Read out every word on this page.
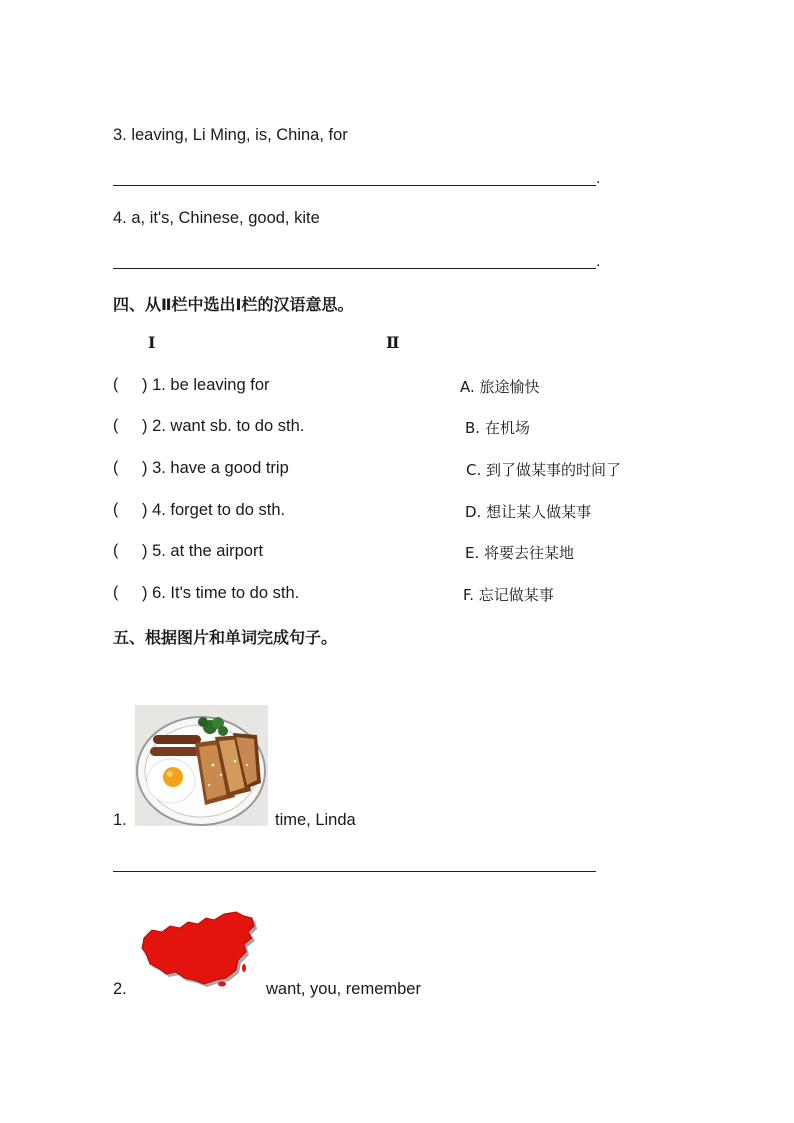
3. leaving, Li Ming, is, China, for
.
4. a, it's, Chinese, good, kite
.
四、从Ⅱ栏中选出Ⅰ栏的汉语意思。
Ⅰ	Ⅱ
( ) 1. be leaving for	A. 旅途愉快
( ) 2. want sb. to do sth.	B. 在机场
( ) 3. have a good trip	C. 到了做某事的时间了
( ) 4. forget to do sth.	D. 想让某人做某事
( ) 5. at the airport	E. 将要去往某地
( ) 6. It's time to do sth.	F. 忘记做某事
五、根据图片和单词完成句子。
1.	time, Linda
2.	want, you, remember
